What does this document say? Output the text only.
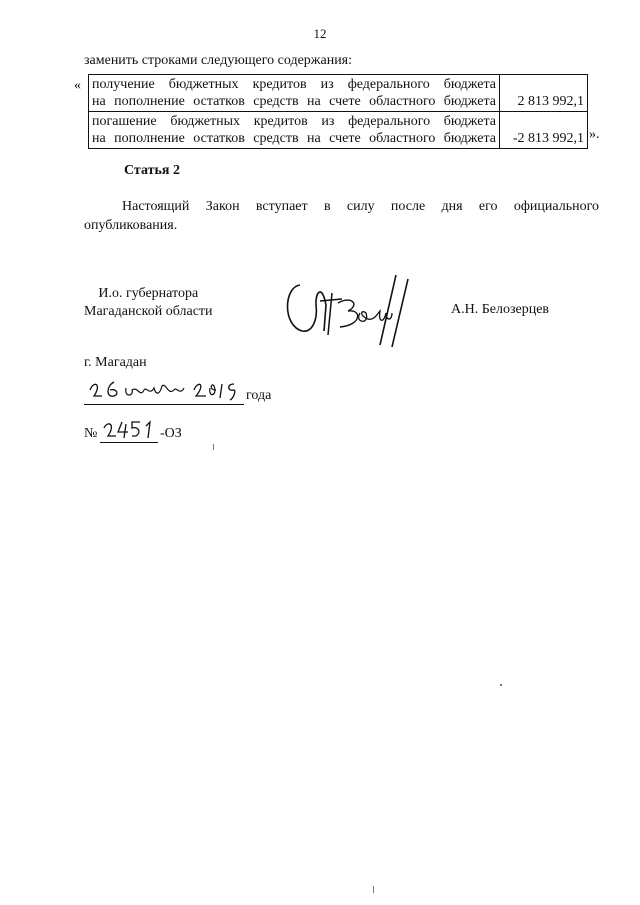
12
заменить строками следующего содержания:
« получение бюджетных кредитов из федерального бюджета
на пополнение остатков средств на счете областного бюджета	2 813 992,1

погашение бюджетных кредитов из федерального бюджета
на пополнение остатков средств на счете областного бюджета	-2 813 992,1 ».
Статья 2
Настоящий Закон вступает в силу после дня его официального
опубликования.
И.о. губернатора
Магаданской области	А.Н. Белозерцев
г. Магадан
года
№	-ОЗ
